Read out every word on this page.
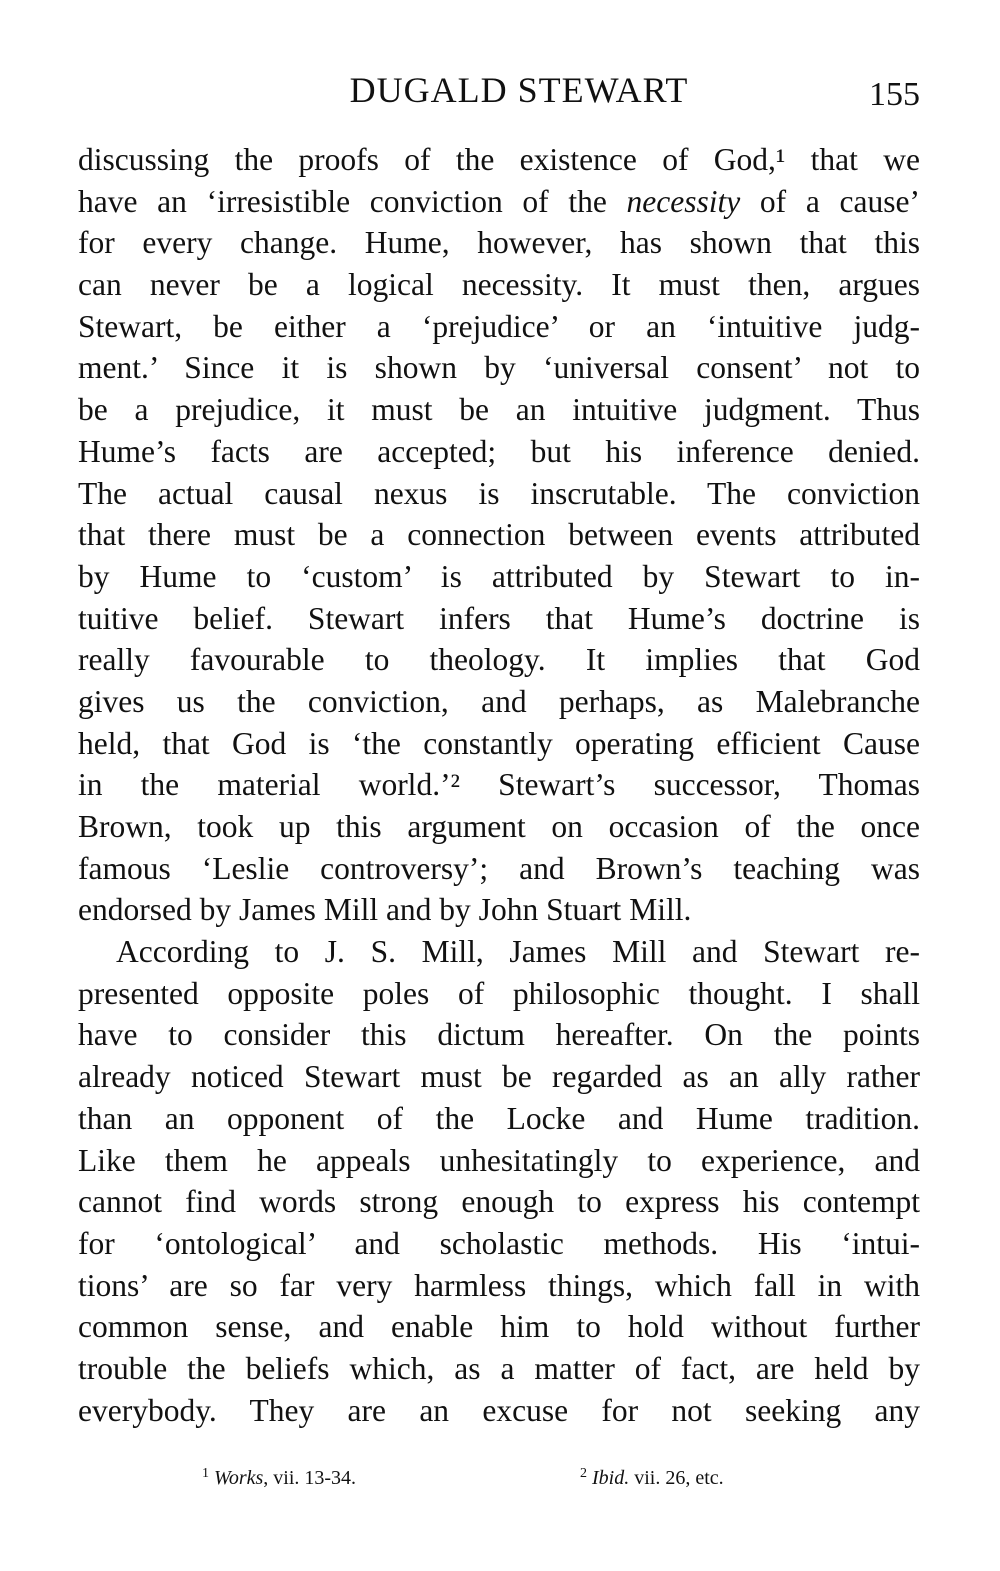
DUGALD STEWART	155
discussing the proofs of the existence of God,¹ that we
have an ‘irresistible conviction of the necessity of a cause’
for every change. Hume, however, has shown that this
can never be a logical necessity. It must then, argues
Stewart, be either a ‘prejudice’ or an ‘intuitive judg-
ment.’ Since it is shown by ‘universal consent’ not to
be a prejudice, it must be an intuitive judgment. Thus
Hume’s facts are accepted; but his inference denied.
The actual causal nexus is inscrutable. The conviction
that there must be a connection between events attributed
by Hume to ‘custom’ is attributed by Stewart to in-
tuitive belief. Stewart infers that Hume’s doctrine is
really favourable to theology. It implies that God
gives us the conviction, and perhaps, as Malebranche
held, that God is ‘the constantly operating efficient Cause
in the material world.’² Stewart’s successor, Thomas
Brown, took up this argument on occasion of the once
famous ‘Leslie controversy’; and Brown’s teaching was
endorsed by James Mill and by John Stuart Mill.
According to J. S. Mill, James Mill and Stewart re-
presented opposite poles of philosophic thought. I shall
have to consider this dictum hereafter. On the points
already noticed Stewart must be regarded as an ally rather
than an opponent of the Locke and Hume tradition.
Like them he appeals unhesitatingly to experience, and
cannot find words strong enough to express his contempt
for ‘ontological’ and scholastic methods. His ‘intui-
tions’ are so far very harmless things, which fall in with
common sense, and enable him to hold without further
trouble the beliefs which, as a matter of fact, are held by
everybody. They are an excuse for not seeking any
$^1$ Works, vii. 13-34.	$^2$ Ibid. vii. 26, etc.
